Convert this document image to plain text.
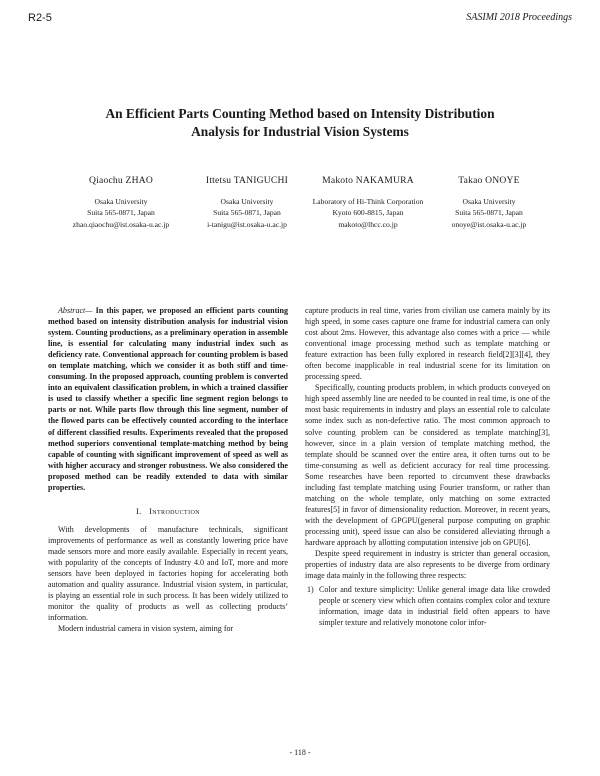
R2-5	SASIMI 2018 Proceedings
An Efficient Parts Counting Method based on Intensity Distribution
Analysis for Industrial Vision Systems
Qiaochu ZHAO
Osaka University
Suita 565-0871, Japan
zhao.qiaochu@ist.osaka-u.ac.jp
Ittetsu TANIGUCHI
Osaka University
Suita 565-0871, Japan
i-tanigu@ist.osaka-u.ac.jp
Makoto NAKAMURA
Laboratory of Hi-Think Corporation
Kyoto 600-8815, Japan
makoto@lhcc.co.jp
Takao ONOYE
Osaka University
Suita 565-0871, Japan
onoye@ist.osaka-u.ac.jp

Abstract— In this paper, we proposed an efficient parts counting method based on intensity distribution analysis for industrial vision system. Counting productions, as a preliminary operation in assemble line, is essential for calculating many industrial index such as deficiency rate. Conventional approach for counting problem is based on template matching, which we consider it as both stiff and time-consuming. In the proposed approach, counting problem is converted into an equivalent classification problem, in which a trained classifier is used to classify whether a specific line segment region belongs to parts or not. While parts flow through this line segment, number of the flowed parts can be effectively counted according to the interlace of different classified results. Experiments revealed that the proposed method superiors conventional template-matching method by being capable of counting with significant improvement of speed as well as with higher accuracy and stronger robustness. We also considered the proposed method can be readily extended to data with similar properties.

I. Introduction

With developments of manufacture technicals, significant improvements of performance as well as constantly lowering price have made sensors more and more easily available. Especially in recent years, with popularity of the concepts of Industry 4.0 and IoT, more and more sensors have been deployed in factories hoping for accelerating both automation and quality assurance. Industrial vision system, in particular, is playing an essential role in such process. It has been widely utilized to monitor the quality of products as well as collecting products’ information.

Modern industrial camera in vision system, aiming for

capture products in real time, varies from civilian use camera mainly by its high speed, in some cases capture one frame for industrial camera can only cost about 2ms. However, this advantage also comes with a price — while conventional image processing method such as template matching or feature extraction has been fully explored in research field[2][3][4], they often become inapplicable in real industrial scene for its limitation on processing speed.

Specifically, counting products problem, in which products conveyed on high speed assembly line are needed to be counted in real time, is one of the most basic requirements in industry and plays an essential role to calculate some index such as non-defective ratio. The most common approach to solve counting problem can be considered as template matching[3], however, since in a plain version of template matching method, the template should be scanned over the entire area, it often turns out to be time-consuming as well as deficient accuracy for real time processing. Some researches have been reported to circumvent these drawbacks including fast template matching using Fourier transform, or rather than matching on the whole template, only matching on some extracted features[5] in favor of dimensionality reduction. Moreover, in recent years, with the development of GPGPU(general purpose computing on graphic processing unit), speed issue can also be considered alleviating through a hardware approach by allotting computation intensive job on GPU[6].

Despite speed requirement in industry is stricter than general occasion, properties of industry data are also represents to be diverge from ordinary image data mainly in the following three respects:

1) Color and texture simplicity: Unlike general image data like crowded people or scenery view which often contains complex color and texture information, image data in industrial field often appears to have simpler texture and relatively monotone color infor-

- 118 -
